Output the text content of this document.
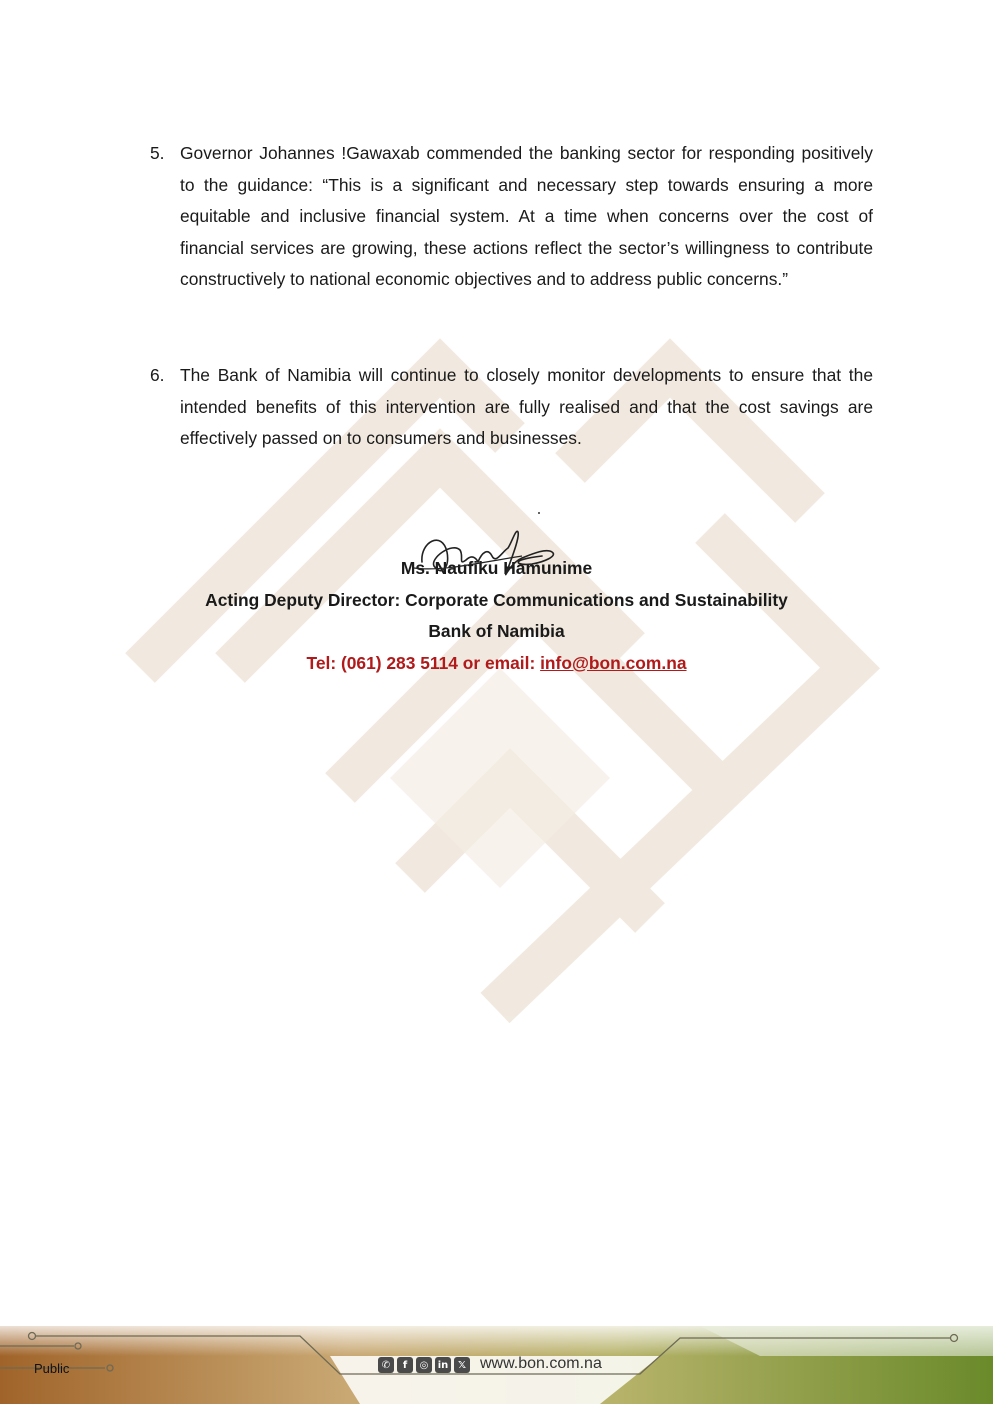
5. Governor Johannes !Gawaxab commended the banking sector for responding positively to the guidance: “This is a significant and necessary step towards ensuring a more equitable and inclusive financial system. At a time when concerns over the cost of financial services are growing, these actions reflect the sector’s willingness to contribute constructively to national economic objectives and to address public concerns.”
6. The Bank of Namibia will continue to closely monitor developments to ensure that the intended benefits of this intervention are fully realised and that the cost savings are effectively passed on to consumers and businesses.
Ms. Naufiku Hamunime
Acting Deputy Director: Corporate Communications and Sustainability
Bank of Namibia
Tel: (061) 283 5114 or email: info@bon.com.na
Public	✆	f	◎ in 𝕏 www.bon.com.na
